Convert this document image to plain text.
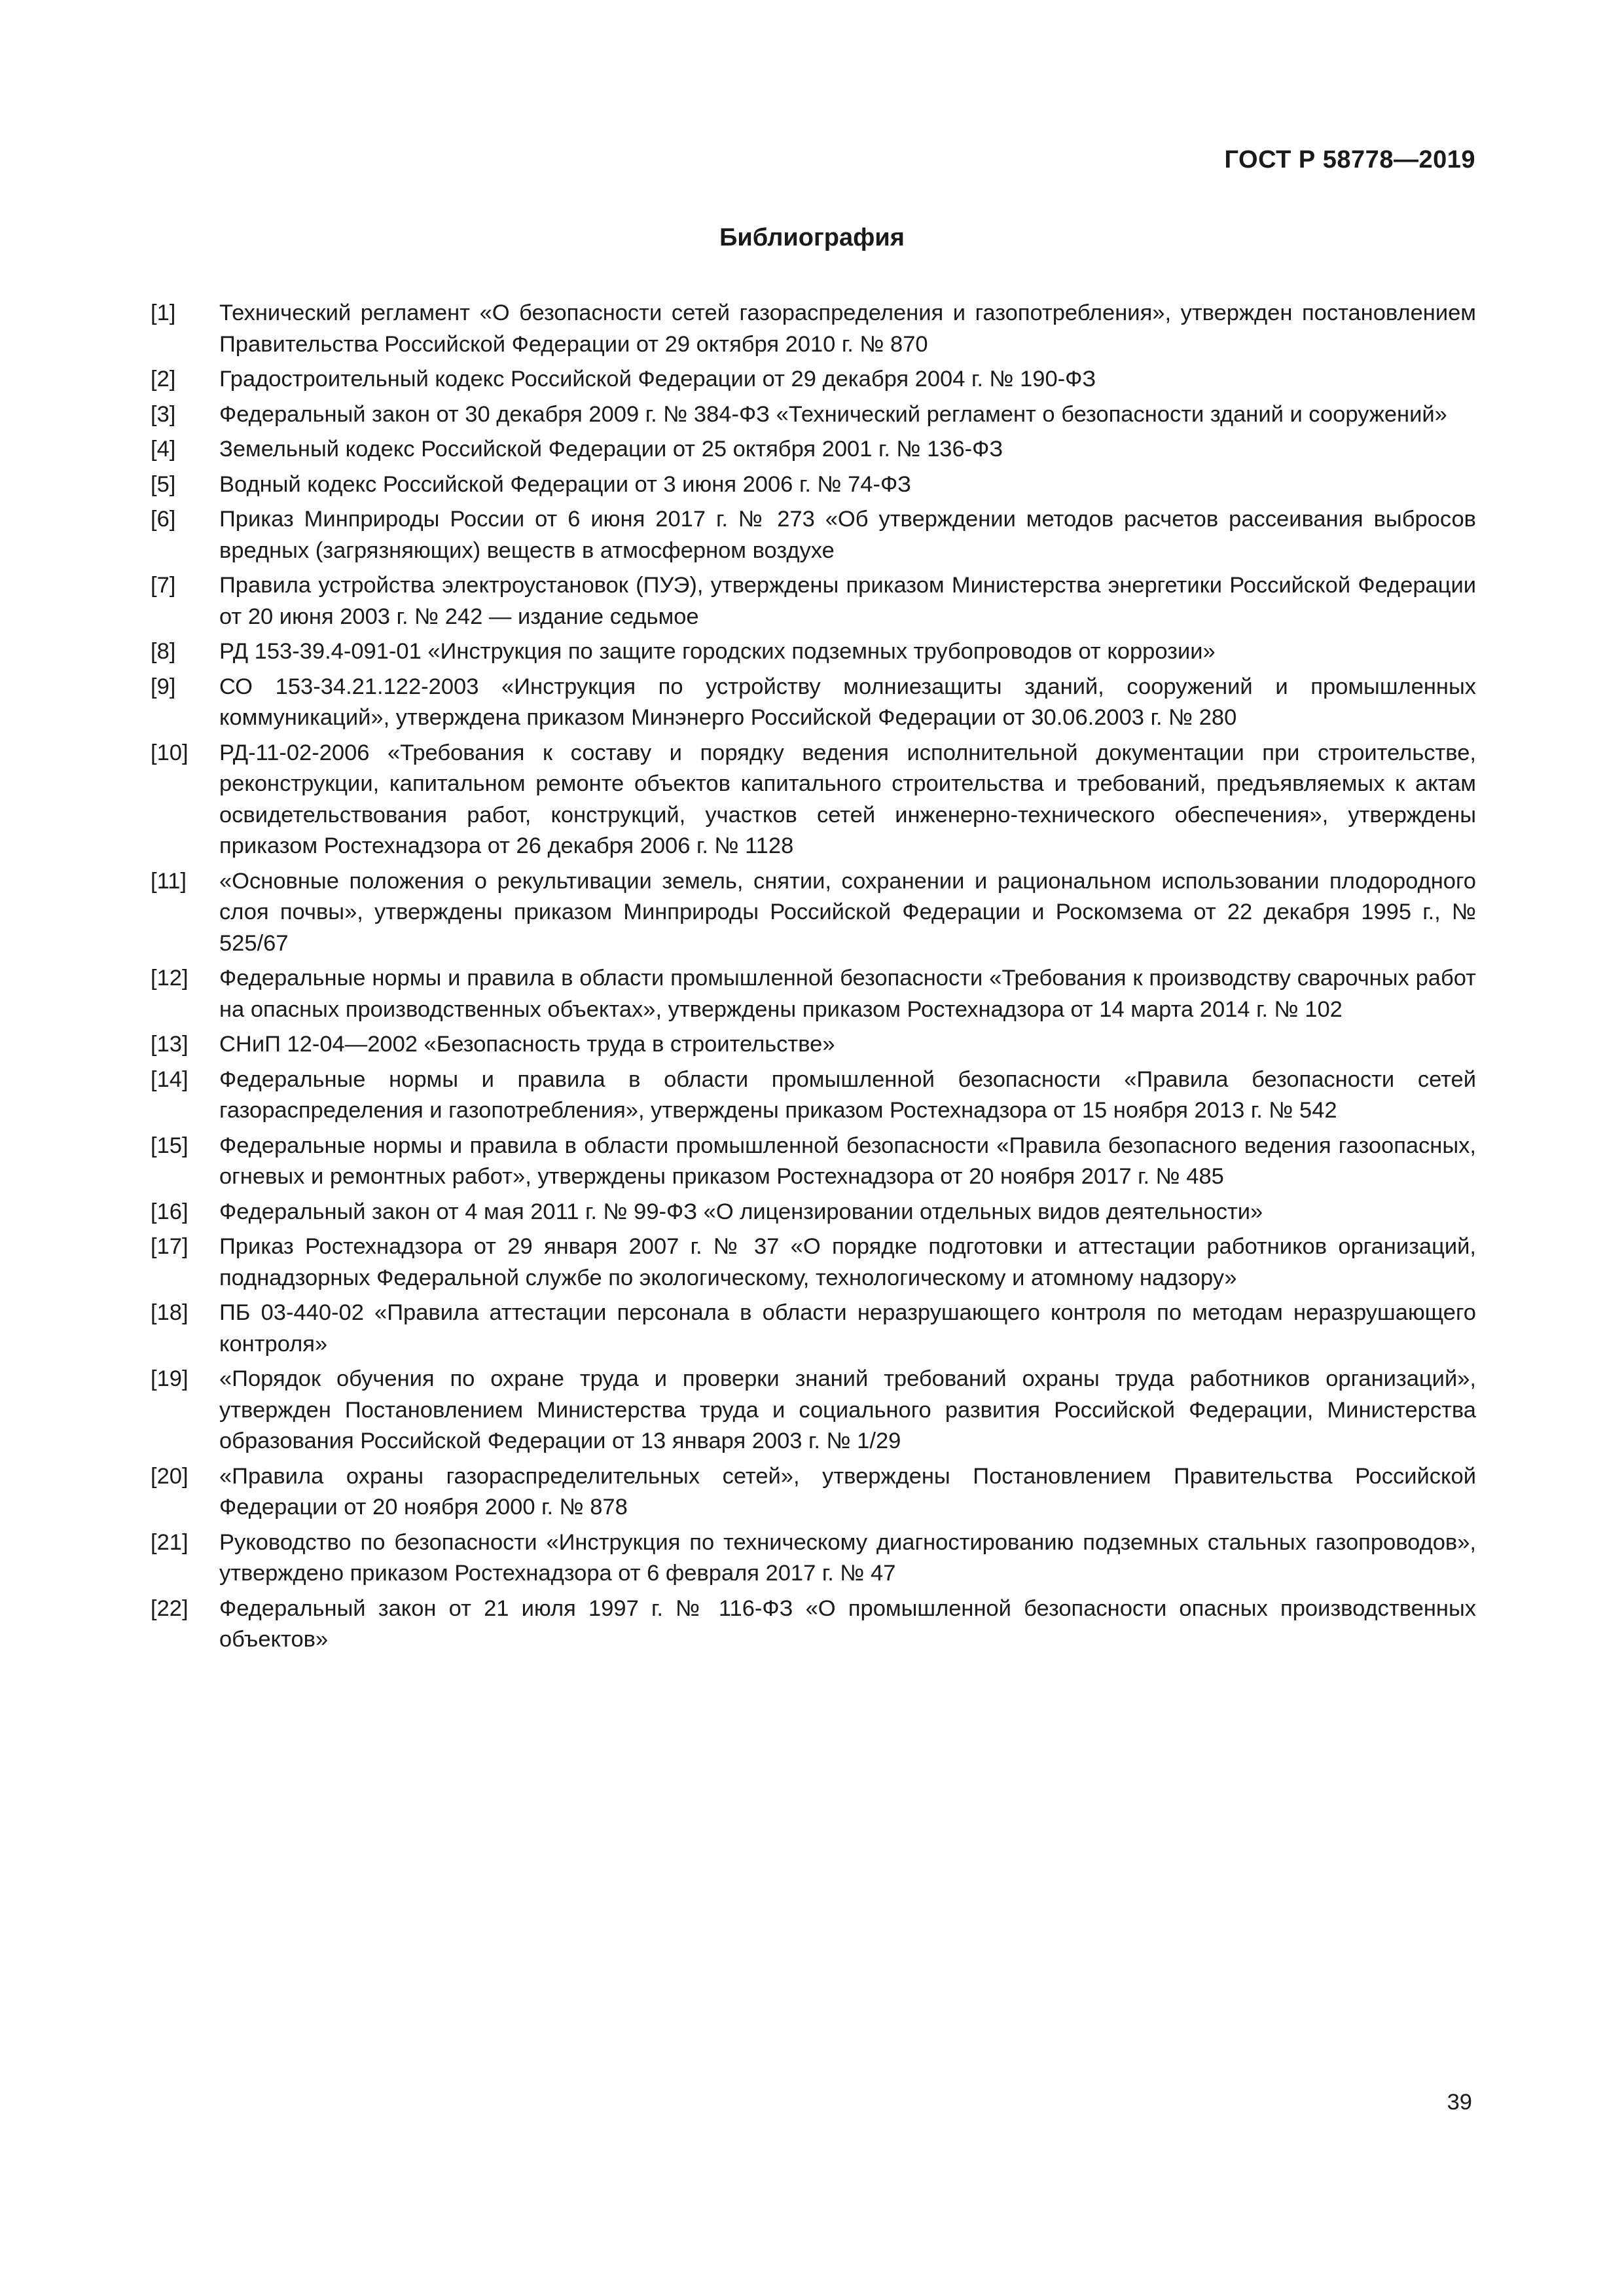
ГОСТ Р 58778—2019
Библиография
[1]	Технический регламент «О безопасности сетей газораспределения и газопотребления», утвержден постановлением Правительства Российской Федерации от 29 октября 2010 г. № 870
[2]	Градостроительный кодекс Российской Федерации от 29 декабря 2004 г. № 190-ФЗ
[3]	Федеральный закон от 30 декабря 2009 г. № 384-ФЗ «Технический регламент о безопасности зданий и сооружений»
[4]	Земельный кодекс Российской Федерации от 25 октября 2001 г. № 136-ФЗ
[5]	Водный кодекс Российской Федерации от 3 июня 2006 г. № 74-ФЗ
[6]	Приказ Минприроды России от 6 июня 2017 г. № 273 «Об утверждении методов расчетов рассеивания выбросов вредных (загрязняющих) веществ в атмосферном воздухе
[7]	Правила устройства электроустановок (ПУЭ), утверждены приказом Министерства энергетики Российской Федерации от 20 июня 2003 г. № 242 — издание седьмое
[8]	РД 153-39.4-091-01 «Инструкция по защите городских подземных трубопроводов от коррозии»
[9]	СО 153-34.21.122-2003 «Инструкция по устройству молниезащиты зданий, сооружений и промышленных коммуникаций», утверждена приказом Минэнерго Российской Федерации от 30.06.2003 г. № 280
[10]	РД-11-02-2006 «Требования к составу и порядку ведения исполнительной документации при строительстве, реконструкции, капитальном ремонте объектов капитального строительства и требований, предъявляемых к актам освидетельствования работ, конструкций, участков сетей инженерно-технического обеспечения», утверждены приказом Ростехнадзора от 26 декабря 2006 г. № 1128
[11]	«Основные положения о рекультивации земель, снятии, сохранении и рациональном использовании плодородного слоя почвы», утверждены приказом Минприроды Российской Федерации и Роскомзема от 22 декабря 1995 г., № 525/67
[12]	Федеральные нормы и правила в области промышленной безопасности «Требования к производству сварочных работ на опасных производственных объектах», утверждены приказом Ростехнадзора от 14 марта 2014 г. № 102
[13]	СНиП 12-04—2002 «Безопасность труда в строительстве»
[14]	Федеральные нормы и правила в области промышленной безопасности «Правила безопасности сетей газораспределения и газопотребления», утверждены приказом Ростехнадзора от 15 ноября 2013 г. № 542
[15]	Федеральные нормы и правила в области промышленной безопасности «Правила безопасного ведения газоопасных, огневых и ремонтных работ», утверждены приказом Ростехнадзора от 20 ноября 2017 г. № 485
[16]	Федеральный закон от 4 мая 2011 г. № 99-ФЗ «О лицензировании отдельных видов деятельности»
[17]	Приказ Ростехнадзора от 29 января 2007 г. № 37 «О порядке подготовки и аттестации работников организаций, поднадзорных Федеральной службе по экологическому, технологическому и атомному надзору»
[18]	ПБ 03-440-02 «Правила аттестации персонала в области неразрушающего контроля по методам неразрушающего контроля»
[19]	«Порядок обучения по охране труда и проверки знаний требований охраны труда работников организаций», утвержден Постановлением Министерства труда и социального развития Российской Федерации, Министерства образования Российской Федерации от 13 января 2003 г. № 1/29
[20]	«Правила охраны газораспределительных сетей», утверждены Постановлением Правительства Российской Федерации от 20 ноября 2000 г. № 878
[21]	Руководство по безопасности «Инструкция по техническому диагностированию подземных стальных газопроводов», утверждено приказом Ростехнадзора от 6 февраля 2017 г. № 47
[22]	Федеральный закон от 21 июля 1997 г. № 116-ФЗ «О промышленной безопасности опасных производственных объектов»
39
